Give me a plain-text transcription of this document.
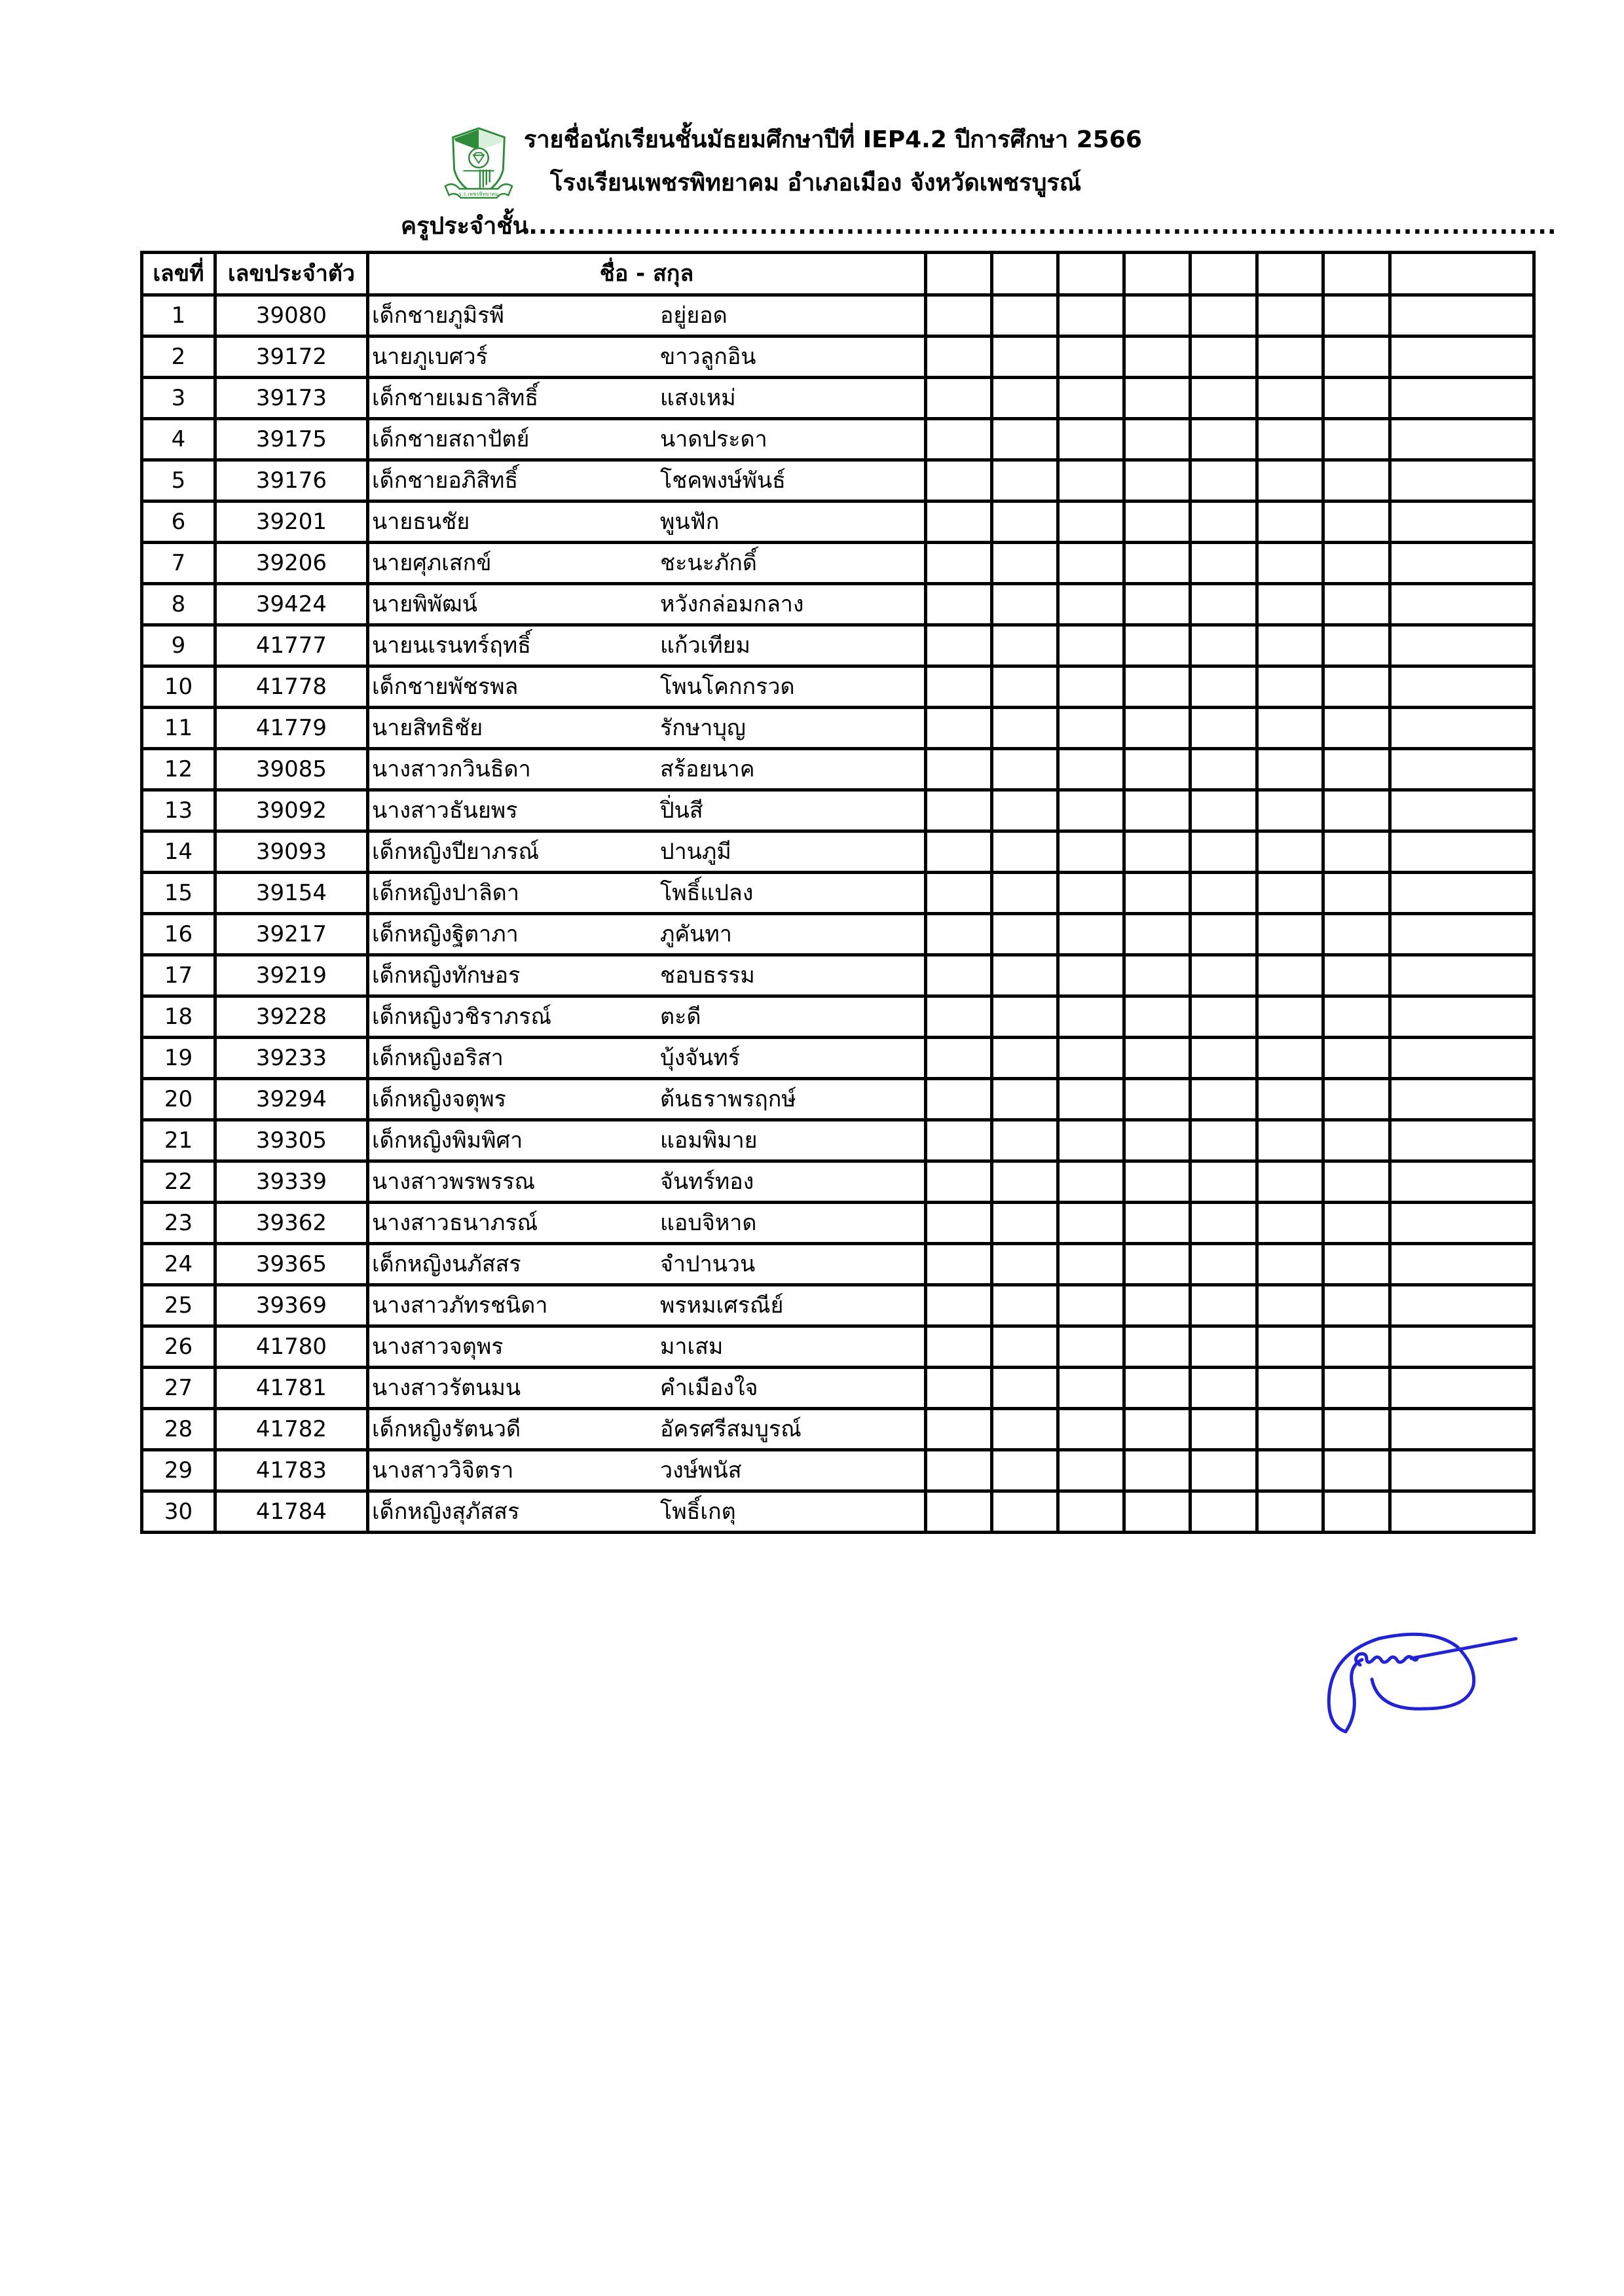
ร.ร.เพชรพิทยาคม
รายชื่อนักเรียนชั้นมัธยมศึกษาปีที่ IEP4.2 ปีการศึกษา 2566
โรงเรียนเพชรพิทยาคม อำเภอเมือง จังหวัดเพชรบูรณ์
ครูประจำชั้น...........................................................................................................
เลขที่	เลขประจำตัว	ชื่อ - สกุล								
1	39080	เด็กชายภูมิรพี อยู่ยอด								
2	39172	นายภูเบศวร์ ขาวลูกอิน								
3	39173	เด็กชายเมธาสิทธิ์ แสงเหม่								
4	39175	เด็กชายสถาปัตย์ นาดประดา								
5	39176	เด็กชายอภิสิทธิ์ โชคพงษ์พันธ์								
6	39201	นายธนชัย พูนฟัก								
7	39206	นายศุภเสกข์ ชะนะภักดิ์								
8	39424	นายพิพัฒน์ หวังกล่อมกลาง								
9	41777	นายนเรนทร์ฤทธิ์ แก้วเทียม								
10	41778	เด็กชายพัชรพล โพนโคกกรวด								
11	41779	นายสิทธิชัย รักษาบุญ								
12	39085	นางสาวกวินธิดา สร้อยนาค								
13	39092	นางสาวธันยพร ปิ่นสี								
14	39093	เด็กหญิงปียาภรณ์ ปานภูมี								
15	39154	เด็กหญิงปาลิดา โพธิ์แปลง								
16	39217	เด็กหญิงฐิตาภา ภูคันทา								
17	39219	เด็กหญิงทักษอร ชอบธรรม								
18	39228	เด็กหญิงวชิราภรณ์ ตะดี								
19	39233	เด็กหญิงอริสา บุ้งจันทร์								
20	39294	เด็กหญิงจตุพร ต้นธราพรฤกษ์								
21	39305	เด็กหญิงพิมพิศา แอมพิมาย								
22	39339	นางสาวพรพรรณ จันทร์ทอง								
23	39362	นางสาวธนาภรณ์ แอบจิหาด								
24	39365	เด็กหญิงนภัสสร จำปานวน								
25	39369	นางสาวภัทรชนิดา พรหมเศรณีย์								
26	41780	นางสาวจตุพร มาเสม								
27	41781	นางสาวรัตนมน คำเมืองใจ								
28	41782	เด็กหญิงรัตนวดี อัครศรีสมบูรณ์								
29	41783	นางสาววิจิตรา วงษ์พนัส								
30	41784	เด็กหญิงสุภัสสร โพธิ์เกตุ								
